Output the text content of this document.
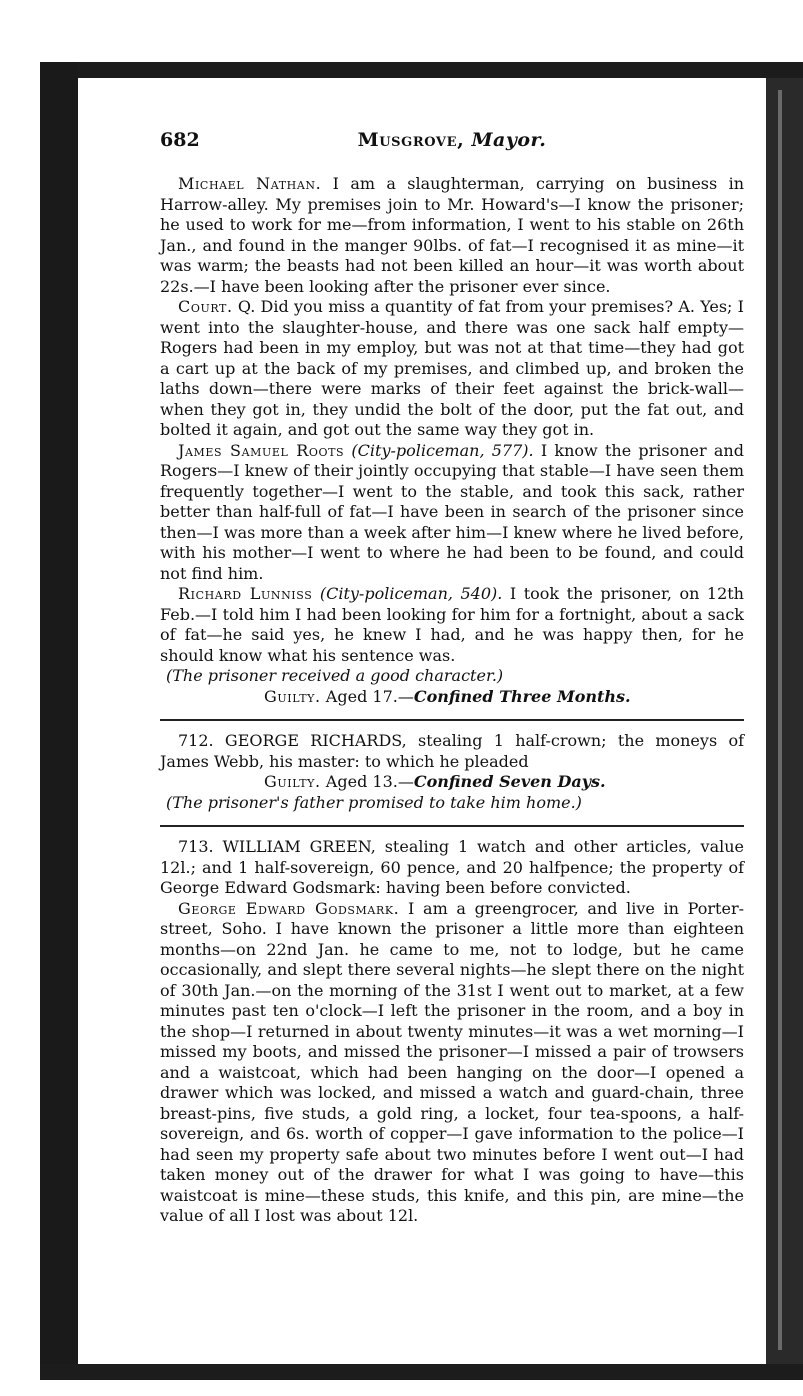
682	Musgrove, Mayor.

Michael Nathan. I am a slaughterman, carrying on business in Harrow-alley. My premises join to Mr. Howard's—I know the prisoner; he used to work for me—from information, I went to his stable on 26th Jan., and found in the manger 90lbs. of fat—I recognised it as mine—it was warm; the beasts had not been killed an hour—it was worth about 22s.—I have been looking after the prisoner ever since.

Court. Q. Did you miss a quantity of fat from your premises? A. Yes; I went into the slaughter-house, and there was one sack half empty—Rogers had been in my employ, but was not at that time—they had got a cart up at the back of my premises, and climbed up, and broken the laths down—there were marks of their feet against the brick-wall—when they got in, they undid the bolt of the door, put the fat out, and bolted it again, and got out the same way they got in.

James Samuel Roots (City-policeman, 577). I know the prisoner and Rogers—I knew of their jointly occupying that stable—I have seen them frequently together—I went to the stable, and took this sack, rather better than half-full of fat—I have been in search of the prisoner since then—I was more than a week after him—I knew where he lived before, with his mother—I went to where he had been to be found, and could not find him.

Richard Lunniss (City-policeman, 540). I took the prisoner, on 12th Feb.—I told him I had been looking for him for a fortnight, about a sack of fat—he said yes, he knew I had, and he was happy then, for he should know what his sentence was.

(The prisoner received a good character.)

Guilty. Aged 17.—Confined Three Months.

712. GEORGE RICHARDS, stealing 1 half-crown; the moneys of James Webb, his master: to which he pleaded

Guilty. Aged 13.—Confined Seven Days.

(The prisoner's father promised to take him home.)

713. WILLIAM GREEN, stealing 1 watch and other articles, value 12l.; and 1 half-sovereign, 60 pence, and 20 halfpence; the property of George Edward Godsmark: having been before convicted.

George Edward Godsmark. I am a greengrocer, and live in Porter-street, Soho. I have known the prisoner a little more than eighteen months—on 22nd Jan. he came to me, not to lodge, but he came occasionally, and slept there several nights—he slept there on the night of 30th Jan.—on the morning of the 31st I went out to market, at a few minutes past ten o'clock—I left the prisoner in the room, and a boy in the shop—I returned in about twenty minutes—it was a wet morning—I missed my boots, and missed the prisoner—I missed a pair of trowsers and a waistcoat, which had been hanging on the door—I opened a drawer which was locked, and missed a watch and guard-chain, three breast-pins, five studs, a gold ring, a locket, four tea-spoons, a half-sovereign, and 6s. worth of copper—I gave information to the police—I had seen my property safe about two minutes before I went out—I had taken money out of the drawer for what I was going to have—this waistcoat is mine—these studs, this knife, and this pin, are mine—the value of all I lost was about 12l.
